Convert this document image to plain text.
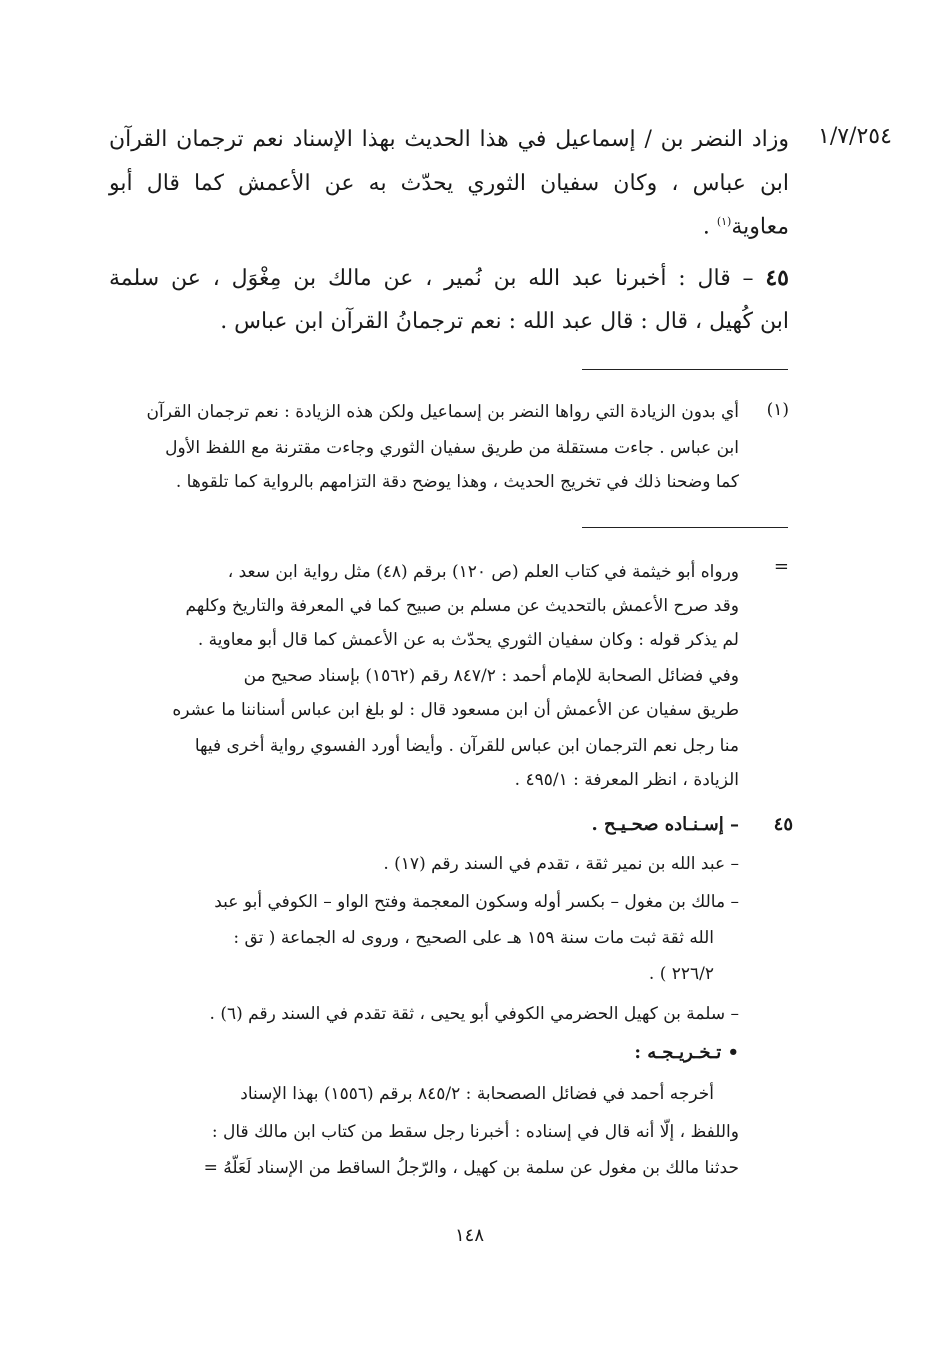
١/٧/٢٥٤
وزاد النضر بن / إسماعيل في هذا الحديث بهذا الإسناد نعم ترجمان القرآن
ابن عباس ، وكان سفيان الثوري يحدّث به عن الأعمش كما قال أبو
معاوية$^{(١)}$ .
٤٥ – قال : أخبرنا عبد الله بن نُمير ، عن مالك بن مِغْوَل ، عن سلمة
ابن كُهيل ، قال : قال عبد الله : نعم ترجمانُ القرآن ابن عباس .
(١)
أي بدون الزيادة التي رواها النضر بن إسماعيل ولكن هذه الزيادة : نعم ترجمان القرآن
ابن عباس . جاءت مستقلة من طريق سفيان الثوري وجاءت مقترنة مع اللفظ الأول
كما وضحنا ذلك في تخريج الحديث ، وهذا يوضح دقة التزامهم بالرواية كما تلقوها .
=
ورواه أبو خيثمة في كتاب العلم (ص ١٢٠) برقم (٤٨) مثل رواية ابن سعد ،
وقد صرح الأعمش بالتحديث عن مسلم بن صبيح كما في المعرفة والتاريخ وكلهم
لم يذكر قوله : وكان سفيان الثوري يحدّث به عن الأعمش كما قال أبو معاوية .
وفي فضائل الصحابة للإمام أحمد : ٨٤٧/٢ رقم (١٥٦٢) بإسناد صحيح من
طريق سفيان عن الأعمش أن ابن مسعود قال : لو بلغ ابن عباس أسناننا ما عشره
منا رجل نعم الترجمان ابن عباس للقرآن . وأيضا أورد الفسوي رواية أخرى فيها
الزيادة ، انظر المعرفة : ٤٩٥/١ .
٤٥
– إسـنـاده صحـيـح .
– عبد الله بن نمير ثقة ، تقدم في السند رقم (١٧) .
– مالك بن مغول – بكسر أوله وسكون المعجمة وفتح الواو – الكوفي أبو عبد
الله ثقة ثبت مات سنة ١٥٩ هـ على الصحيح ، وروى له الجماعة ( تق :
٢٢٦/٢ ) .
– سلمة بن كهيل الحضرمي الكوفي أبو يحيى ، ثقة تقدم في السند رقم (٦) .
• تـخـريـجـه :
أخرجه أحمد في فضائل الصصحابة : ٨٤٥/٢ برقم (١٥٥٦) بهذا الإسناد
واللفظ ، إلّا أنه قال في إسناده : أخبرنا رجل سقط من كتاب ابن مالك قال :
حدثنا مالك بن مغول عن سلمة بن كهيل ، والرّجلُ الساقط من الإسناد لَعَلّهُ =
١٤٨
